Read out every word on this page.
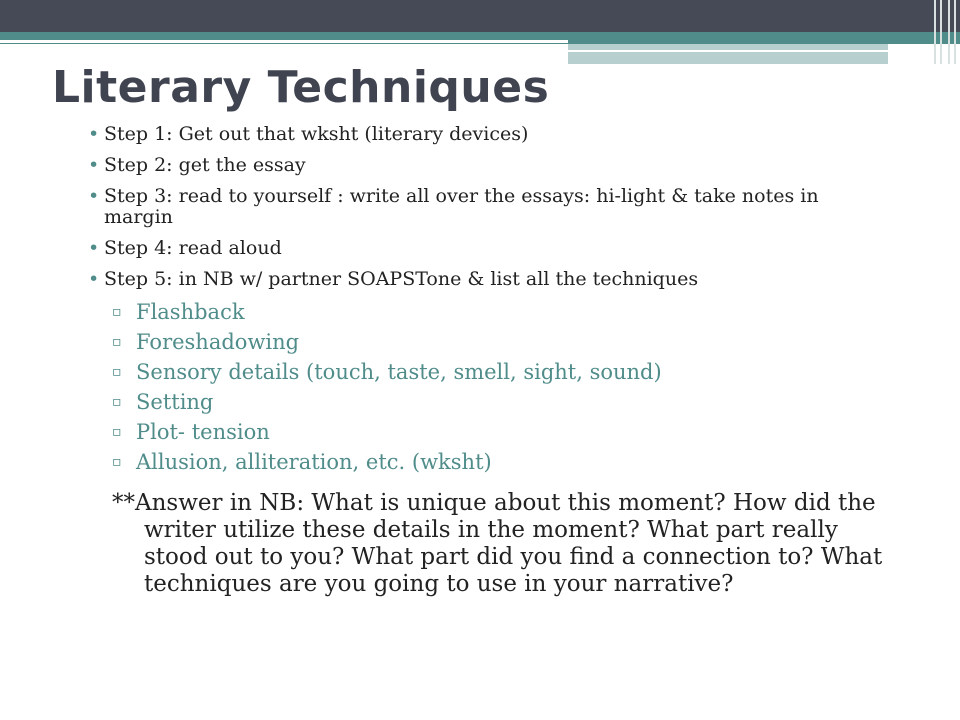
Literary Techniques
• Step 1: Get out that wksht (literary devices)
• Step 2: get the essay
• Step 3: read to yourself : write all over the essays: hi-light & take notes in margin
• Step 4: read aloud
• Step 5: in NB w/ partner SOAPSTone & list all the techniques
▫ Flashback
▫ Foreshadowing
▫ Sensory details (touch, taste, smell, sight, sound)
▫ Setting
▫ Plot- tension
▫ Allusion, alliteration, etc. (wksht)

**Answer in NB: What is unique about this moment? How did the writer utilize these details in the moment? What part really stood out to you? What part did you find a connection to? What techniques are you going to use in your narrative?
